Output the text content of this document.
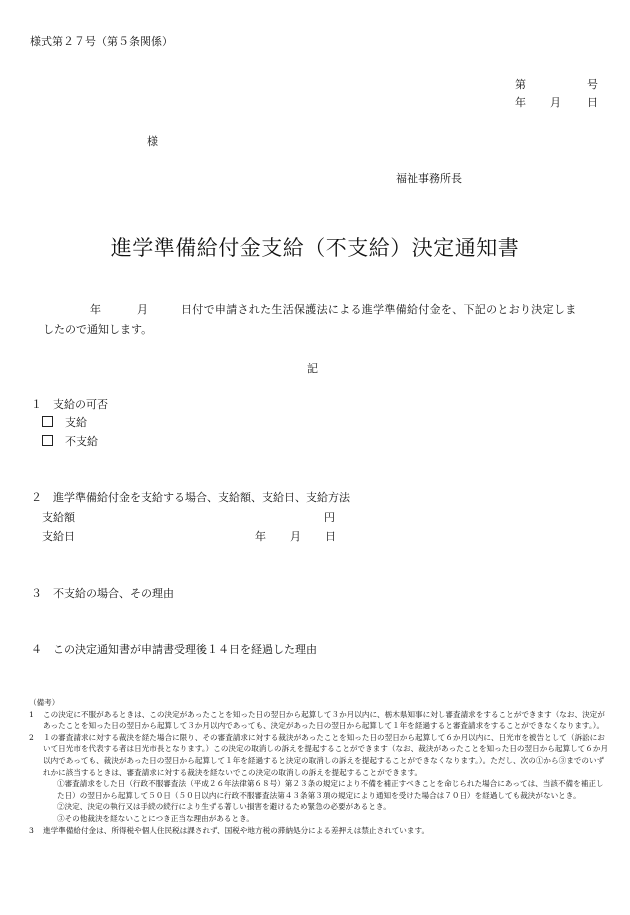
様式第２７号（第５条関係）
第	号
年 月 日
様
福祉事務所長
進学準備給付金支給（不支給）決定通知書
年	月	日付で申請された生活保護法による進学準備給付金を、下記のとおり決定しま
したので通知します。
記
１　支給の可否
支給
不支給
２　進学準備給付金を支給する場合、支給額、支給日、支給方法
支給額	円
支給日	年 月 日
３　不支給の場合、その理由
４　この決定通知書が申請書受理後１４日を経過した理由
（備考）
1 この決定に不服があるときは、この決定があったことを知った日の翌日から起算して３か月以内に、栃木県知事に対し審査請求をすることができます（なお、決定があったことを知った日の翌日から起算して３か月以内であっても、決定があった日の翌日から起算して１年を経過すると審査請求をすることができなくなります。）。
2 １の審査請求に対する裁決を経た場合に限り、その審査請求に対する裁決があったことを知った日の翌日から起算して６か月以内に、日光市を被告として（訴訟において日光市を代表する者は日光市長となります。）この決定の取消しの訴えを提起することができます（なお、裁決があったことを知った日の翌日から起算して６か月以内であっても、裁決があった日の翌日から起算して１年を経過すると決定の取消しの訴えを提起することができなくなります。）。ただし、次の①から③までのいずれかに該当するときは、審査請求に対する裁決を経ないでこの決定の取消しの訴えを提起することができます。
①審査請求をした日（行政不服審査法（平成２６年法律第６８号）第２３条の規定により不備を補正すべきことを命じられた場合にあっては、当該不備を補正した日）の翌日から起算して５０日（５０日以内に行政不服審査法第４３条第３項の規定により通知を受けた場合は７０日）を経過しても裁決がないとき。
②決定、決定の執行又は手続の続行により生ずる著しい損害を避けるため緊急の必要があるとき。
③その他裁決を経ないことにつき正当な理由があるとき。
3 進学準備給付金は、所得税や個人住民税は課されず、国税や地方税の滞納処分による差押えは禁止されています。
